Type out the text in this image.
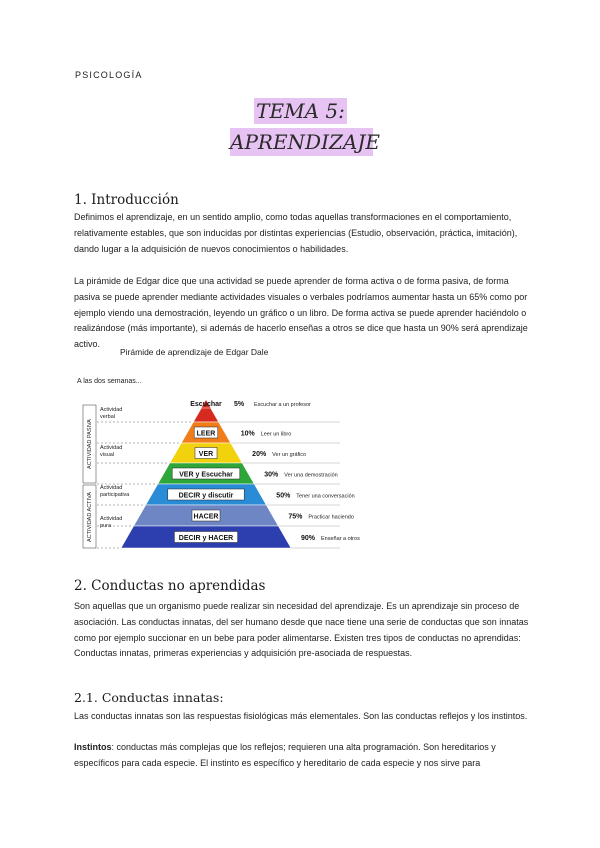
PSICOLOGÍA
TEMA 5:
APRENDIZAJE
1. Introducción
Definimos el aprendizaje, en un sentido amplio, como todas aquellas transformaciones en el comportamiento, relativamente estables, que son inducidas por distintas experiencias (Estudio, observación, práctica, imitación), dando lugar a la adquisición de nuevos conocimientos o habilidades.
La pirámide de Edgar dice que una actividad se puede aprender de forma activa o de forma pasiva, de forma pasiva se puede aprender mediante actividades visuales o verbales podríamos aumentar hasta un 65% como por ejemplo viendo una demostración, leyendo un gráfico o un libro. De forma activa se puede aprender haciéndolo o realizándose (más importante), si además de hacerlo enseñas a otros se dice que hasta un 90% será aprendizaje activo.
Pirámide de aprendizaje de Edgar Dale
A las dos semanas...
Escuchar 5% Escuchar a un profesor
LEER	10% Leer un libro
VER	20% Ver un gráfico
VER y Escuchar	30% Ver una demostración
DECIR y discutir	50% Tener una conversación
HACER	75% Practicar haciendo
DECIR y HACER	90% Enseñar a otros
ACTIVIDAD PASIVA
ACTIVIDAD ACTIVA
Actividad
verbal
Actividad
visual
Actividad
participativa
Actividad
pura
2. Conductas no aprendidas
Son aquellas que un organismo puede realizar sin necesidad del aprendizaje. Es un aprendizaje sin proceso de asociación. Las conductas innatas, del ser humano desde que nace tiene una serie de conductas que son innatas como por ejemplo succionar en un bebe para poder alimentarse. Existen tres tipos de conductas no aprendidas: Conductas innatas, primeras experiencias y adquisición pre-asociada de respuestas.
2.1. Conductas innatas:
Las conductas innatas son las respuestas fisiológicas más elementales. Son las conductas reflejos y los instintos.
Instintos: conductas más complejas que los reflejos; requieren una alta programación. Son hereditarios y específicos para cada especie. El instinto es específico y hereditario de cada especie y nos sirve para
